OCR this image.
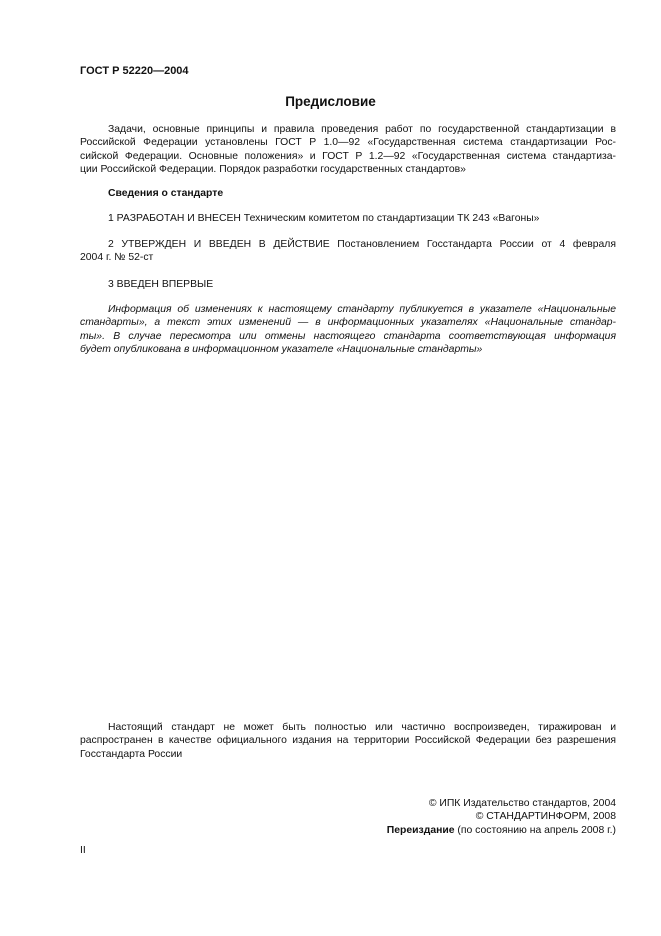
ГОСТ Р 52220—2004
Предисловие
Задачи, основные принципы и правила проведения работ по государственной стандартизации в
Российской Федерации установлены ГОСТ Р 1.0—92 «Государственная система стандартизации Рос-
сийской Федерации. Основные положения» и ГОСТ Р 1.2—92 «Государственная система стандартиза-
ции Российской Федерации. Порядок разработки государственных стандартов»
Сведения о стандарте
1 РАЗРАБОТАН И ВНЕСЕН Техническим комитетом по стандартизации ТК 243 «Вагоны»
2 УТВЕРЖДЕН И ВВЕДЕН В ДЕЙСТВИЕ Постановлением Госстандарта России от 4 февраля
2004 г. № 52-ст
3 ВВЕДЕН ВПЕРВЫЕ
Информация об изменениях к настоящему стандарту публикуется в указателе «Национальные
стандарты», а текст этих изменений — в информационных указателях «Национальные стандар-
ты». В случае пересмотра или отмены настоящего стандарта соответствующая информация
будет опубликована в информационном указателе «Национальные стандарты»
Настоящий стандарт не может быть полностью или частично воспроизведен, тиражирован и
распространен в качестве официального издания на территории Российской Федерации без разрешения
Госстандарта России
© ИПК Издательство стандартов, 2004
© СТАНДАРТИНФОРМ, 2008
Переиздание (по состоянию на апрель 2008 г.)
II
